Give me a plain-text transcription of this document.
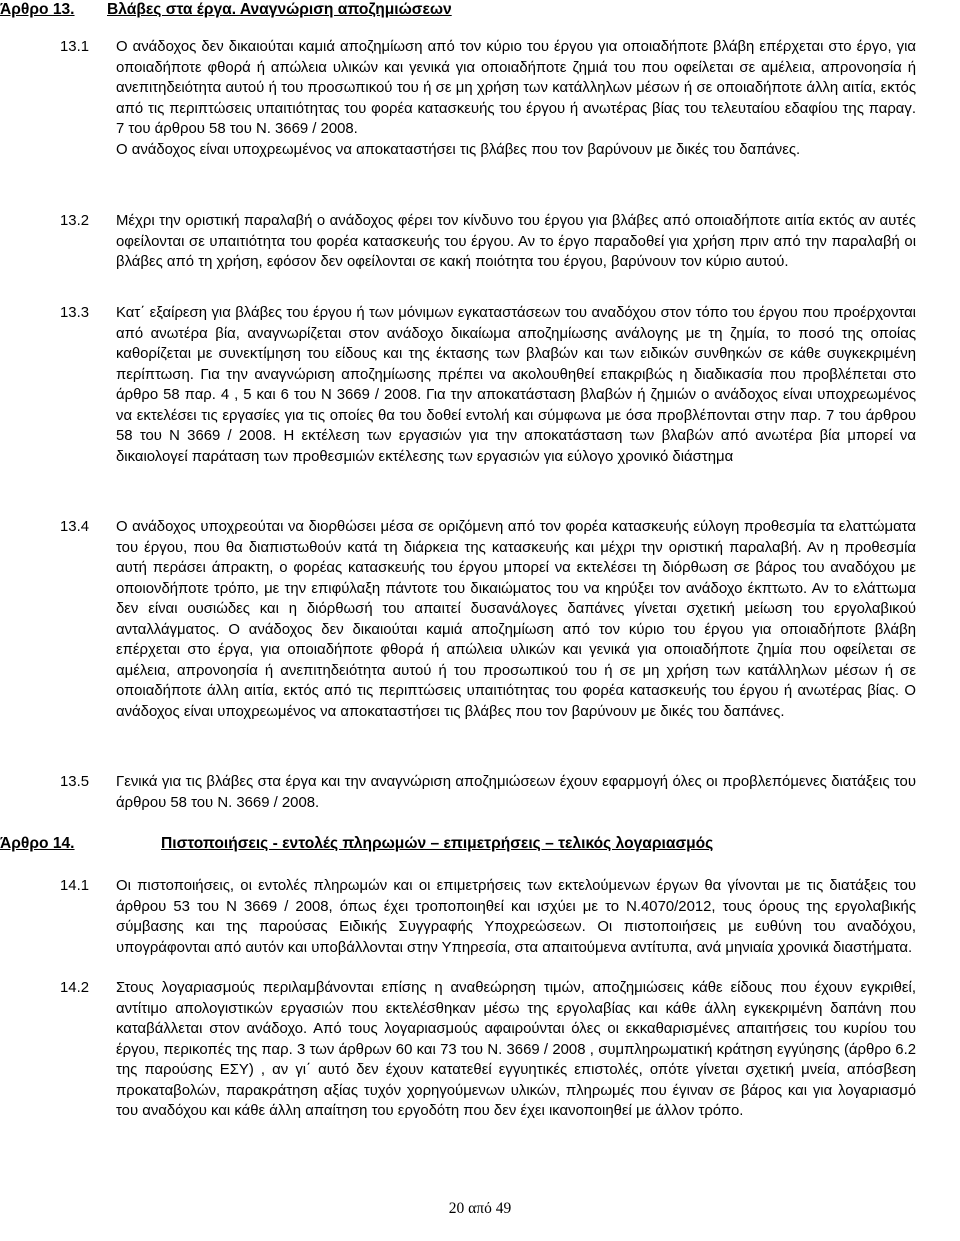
Άρθρο 13. Βλάβες στα έργα. Αναγνώριση αποζημιώσεων
13.1 Ο ανάδοχος δεν δικαιούται καμιά αποζημίωση από τον κύριο του έργου για οποιαδήποτε βλάβη επέρχεται στο έργο, για οποιαδήποτε φθορά ή απώλεια υλικών και γενικά για οποιαδήποτε ζημιά του που οφείλεται σε αμέλεια, απρονοησία ή ανεπιτηδειότητα αυτού ή του προσωπικού του ή σε μη χρήση των κατάλληλων μέσων ή σε οποιαδήποτε άλλη αιτία, εκτός από τις περιπτώσεις υπαιτιότητας του φορέα κατασκευής του έργου ή ανωτέρας βίας του τελευταίου εδαφίου της παραγ. 7 του άρθρου 58 του Ν. 3669 / 2008.

Ο ανάδοχος είναι υποχρεωμένος να αποκαταστήσει τις βλάβες που τον βαρύνουν με δικές του δαπάνες.

13.2 Μέχρι την οριστική παραλαβή ο ανάδοχος φέρει τον κίνδυνο του έργου για βλάβες από οποιαδήποτε αιτία εκτός αν αυτές οφείλονται σε υπαιτιότητα του φορέα κατασκευής του έργου. Αν το έργο παραδοθεί για χρήση πριν από την παραλαβή οι βλάβες από τη χρήση, εφόσον δεν οφείλονται σε κακή ποιότητα του έργου, βαρύνουν τον κύριο αυτού.

13.3 Κατ΄ εξαίρεση για βλάβες του έργου ή των μόνιμων εγκαταστάσεων του αναδόχου στον τόπο του έργου που προέρχονται από ανωτέρα βία, αναγνωρίζεται στον ανάδοχο δικαίωμα αποζημίωσης ανάλογης με τη ζημία, το ποσό της οποίας καθορίζεται με συνεκτίμηση του είδους και της έκτασης των βλαβών και των ειδικών συνθηκών σε κάθε συγκεκριμένη περίπτωση. Για την αναγνώριση αποζημίωσης πρέπει να ακολουθηθεί επακριβώς η διαδικασία που προβλέπεται στο άρθρο 58 παρ. 4 , 5 και 6 του Ν 3669 / 2008. Για την αποκατάσταση βλαβών ή ζημιών ο ανάδοχος είναι υποχρεωμένος να εκτελέσει τις εργασίες για τις οποίες θα του δοθεί εντολή και σύμφωνα με όσα προβλέπονται στην παρ. 7 του άρθρου 58 του Ν 3669 / 2008. Η εκτέλεση των εργασιών για την αποκατάσταση των βλαβών από ανωτέρα βία μπορεί να δικαιολογεί παράταση των προθεσμιών εκτέλεσης των εργασιών για εύλογο χρονικό διάστημα

13.4 Ο ανάδοχος υποχρεούται να διορθώσει μέσα σε οριζόμενη από τον φορέα κατασκευής εύλογη προθεσμία τα ελαττώματα του έργου, που θα διαπιστωθούν κατά τη διάρκεια της κατασκευής και μέχρι την οριστική παραλαβή. Αν η προθεσμία αυτή περάσει άπρακτη, ο φορέας κατασκευής του έργου μπορεί να εκτελέσει τη διόρθωση σε βάρος του αναδόχου με οποιονδήποτε τρόπο, με την επιφύλαξη πάντοτε του δικαιώματος του να κηρύξει τον ανάδοχο έκπτωτο. Αν το ελάττωμα δεν είναι ουσιώδες και η διόρθωσή του απαιτεί δυσανάλογες δαπάνες γίνεται σχετική μείωση του εργολαβικού ανταλλάγματος. Ο ανάδοχος δεν δικαιούται καμιά αποζημίωση από τον κύριο του έργου για οποιαδήποτε βλάβη επέρχεται στο έργα, για οποιαδήποτε φθορά ή απώλεια υλικών και γενικά για οποιαδήποτε ζημία που οφείλεται σε αμέλεια, απρονοησία ή ανεπιτηδειότητα αυτού ή του προσωπικού του ή σε μη χρήση των κατάλληλων μέσων ή σε οποιαδήποτε άλλη αιτία, εκτός από τις περιπτώσεις υπαιτιότητας του φορέα κατασκευής του έργου ή ανωτέρας βίας. Ο ανάδοχος είναι υποχρεωμένος να αποκαταστήσει τις βλάβες που τον βαρύνουν με δικές του δαπάνες.

13.5 Γενικά για τις βλάβες στα έργα και την αναγνώριση αποζημιώσεων έχουν εφαρμογή όλες οι προβλεπόμενες διατάξεις του άρθρου 58 του Ν. 3669 / 2008.

Άρθρο 14.	Πιστοποιήσεις - εντολές πληρωμών – επιμετρήσεις – τελικός λογαριασμός
14.1 Οι πιστοποιήσεις, οι εντολές πληρωμών και οι επιμετρήσεις των εκτελούμενων έργων θα γίνονται με τις διατάξεις του άρθρου 53 του Ν 3669 / 2008, όπως έχει τροποποιηθεί και ισχύει με το Ν.4070/2012, τους όρους της εργολαβικής σύμβασης και της παρούσας Ειδικής Συγγραφής Υποχρεώσεων. Οι πιστοποιήσεις με ευθύνη του αναδόχου, υπογράφονται από αυτόν και υποβάλλονται στην Υπηρεσία, στα απαιτούμενα αντίτυπα, ανά μηνιαία χρονικά διαστήματα.

14.2 Στους λογαριασμούς περιλαμβάνονται επίσης η αναθεώρηση τιμών, αποζημιώσεις κάθε είδους που έχουν εγκριθεί, αντίτιμο απολογιστικών εργασιών που εκτελέσθηκαν μέσω της εργολαβίας και κάθε άλλη εγκεκριμένη δαπάνη που καταβάλλεται στον ανάδοχο. Από τους λογαριασμούς αφαιρούνται όλες οι εκκαθαρισμένες απαιτήσεις του κυρίου του έργου, περικοπές της παρ. 3 των άρθρων 60 και 73 του Ν. 3669 / 2008 , συμπληρωματική κράτηση εγγύησης (άρθρο 6.2 της παρούσης ΕΣΥ) , αν γι΄ αυτό δεν έχουν κατατεθεί εγγυητικές επιστολές, οπότε γίνεται σχετική μνεία, απόσβεση προκαταβολών, παρακράτηση αξίας τυχόν χορηγούμενων υλικών, πληρωμές που έγιναν σε βάρος και για λογαριασμό του αναδόχου και κάθε άλλη απαίτηση του εργοδότη που δεν έχει ικανοποιηθεί με άλλον τρόπο.

20 από 49
